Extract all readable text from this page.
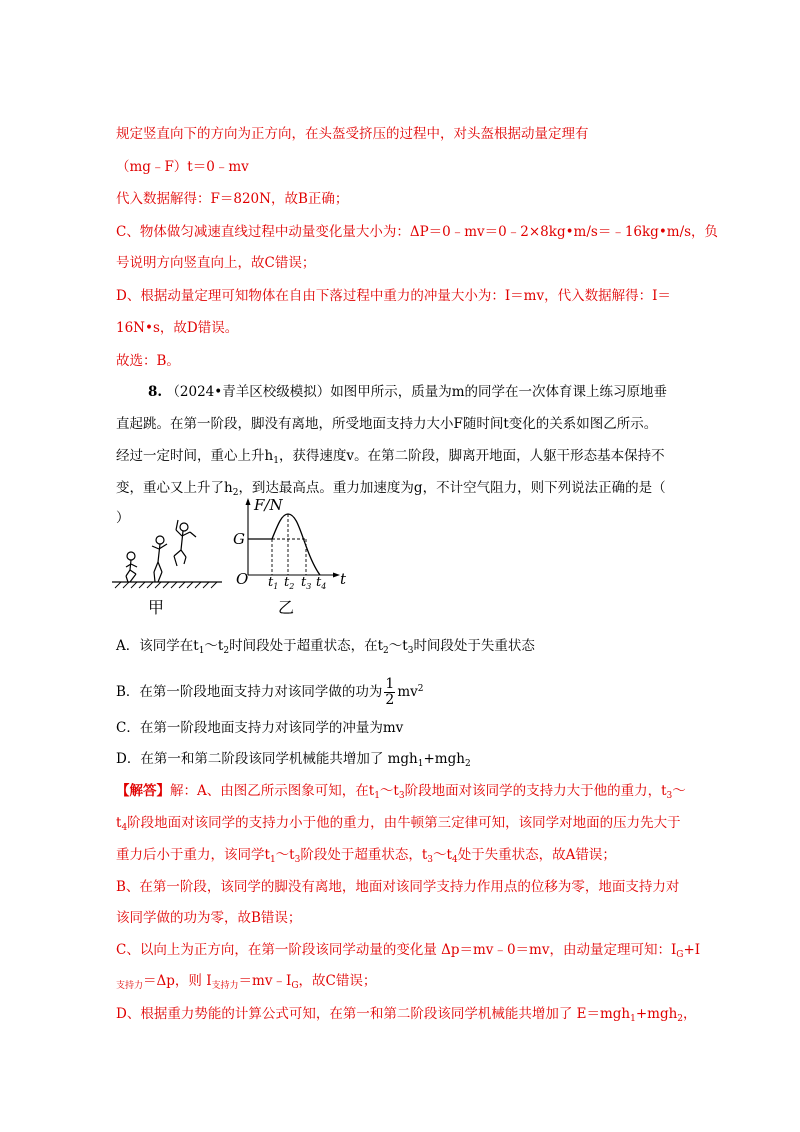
规定竖直向下的方向为正方向，在头盔受挤压的过程中，对头盔根据动量定理有
（mg﹣F）t＝0﹣mv
代入数据解得：F＝820N，故B正确；
C、物体做匀减速直线过程中动量变化量大小为：ΔP＝0﹣mv＝0﹣2×8kg•m/s＝﹣16kg•m/s，负
号说明方向竖直向上，故C错误；
D、根据动量定理可知物体在自由下落过程中重力的冲量大小为：I＝mv，代入数据解得：I＝
16N•s，故D错误。
故选：B。
8. （2024•青羊区校级模拟）如图甲所示，质量为m的同学在一次体育课上练习原地垂
直起跳。在第一阶段，脚没有离地，所受地面支持力大小F随时间t变化的关系如图乙所示。
经过一定时间，重心上升$h_1$，获得速度v。在第二阶段，脚离开地面，人躯干形态基本保持不
变，重心又上升了$h_2$，到达最高点。重力加速度为g，不计空气阻力，则下列说法正确的是（
）
F/N
G
O	t
$t_1$ $t_2$ $t_3$ $t_4$
甲	乙
A．该同学在$t_1\sim t_2$时间段处于超重状态，在$t_2\sim t_3$时间段处于失重状态
B．在第一阶段地面支持力对该同学做的功为 $\frac{1}{2} mv^2$
C．在第一阶段地面支持力对该同学的冲量为mv
D．在第一和第二阶段该同学机械能共增加了 mgh$_1$+mgh$_2$
【解答】解：A、由图乙所示图象可知，在$t_1\sim t_3$阶段地面对该同学的支持力大于他的重力，$t_3\sim$
$t_4$阶段地面对该同学的支持力小于他的重力，由牛顿第三定律可知，该同学对地面的压力先大于
重力后小于重力，该同学$t_1\sim t_3$阶段处于超重状态，$t_3\sim t_4$处于失重状态，故A错误；
B、在第一阶段，该同学的脚没有离地，地面对该同学支持力作用点的位移为零，地面支持力对
该同学做的功为零，故B错误；
C、以向上为正方向，在第一阶段该同学动量的变化量 Δp＝mv﹣0＝mv，由动量定理可知：$I_G+I$
$_{支持力}$＝Δp，则 $I_{支持力}=mv﹣I_G$，故C错误；
D、根据重力势能的计算公式可知，在第一和第二阶段该同学机械能共增加了 E＝mgh$_1$+mgh$_2$，
